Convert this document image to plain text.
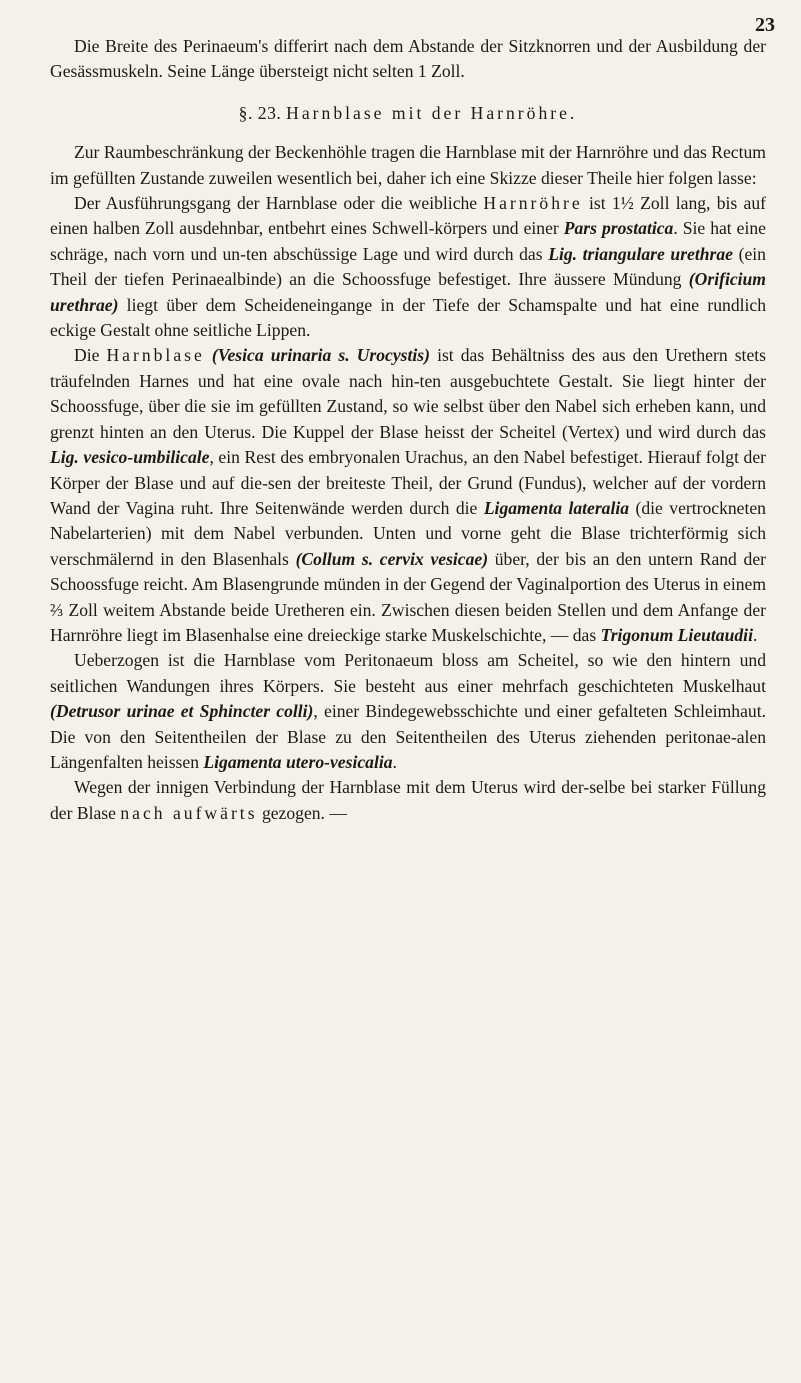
23

Die Breite des Perinaeum's differirt nach dem Abstande der Sitzknorren und der Ausbildung der Gesässmuskeln. Seine Länge übersteigt nicht selten 1 Zoll.

§. 23. Harnblase mit der Harnröhre.

Zur Raumbeschränkung der Beckenhöhle tragen die Harnblase mit der Harnröhre und das Rectum im gefüllten Zustande zuweilen wesentlich bei, daher ich eine Skizze dieser Theile hier folgen lasse:

Der Ausführungsgang der Harnblase oder die weibliche Harnröhre ist 1½ Zoll lang, bis auf einen halben Zoll ausdehnbar, entbehrt eines Schwell-körpers und einer Pars prostatica. Sie hat eine schräge, nach vorn und un-ten abschüssige Lage und wird durch das Lig. triangulare urethrae (ein Theil der tiefen Perinaealbinde) an die Schoossfuge befestiget. Ihre äussere Mündung (Orificium urethrae) liegt über dem Scheideneingange in der Tiefe der Schamspalte und hat eine rundlich eckige Gestalt ohne seitliche Lippen.

Die Harnblase (Vesica urinaria s. Urocystis) ist das Behältniss des aus den Urethern stets träufelnden Harnes und hat eine ovale nach hin-ten ausgebuchtete Gestalt. Sie liegt hinter der Schoossfuge, über die sie im gefüllten Zustand, so wie selbst über den Nabel sich erheben kann, und grenzt hinten an den Uterus. Die Kuppel der Blase heisst der Scheitel (Vertex) und wird durch das Lig. vesico-umbilicale, ein Rest des embryonalen Urachus, an den Nabel befestiget. Hierauf folgt der Körper der Blase und auf die-sen der breiteste Theil, der Grund (Fundus), welcher auf der vordern Wand der Vagina ruht. Ihre Seitenwände werden durch die Ligamenta lateralia (die vertrockneten Nabelarterien) mit dem Nabel verbunden. Unten und vorne geht die Blase trichterförmig sich verschmälernd in den Blasenhals (Collum s. cervix vesicae) über, der bis an den untern Rand der Schoossfuge reicht. Am Blasengrunde münden in der Gegend der Vaginalportion des Uterus in einem ⅔ Zoll weitem Abstande beide Uretheren ein. Zwischen diesen beiden Stellen und dem Anfange der Harnröhre liegt im Blasenhalse eine dreieckige starke Muskelschichte, — das Trigonum Lieutaudii.

Ueberzogen ist die Harnblase vom Peritonaeum bloss am Scheitel, so wie den hintern und seitlichen Wandungen ihres Körpers. Sie besteht aus einer mehrfach geschichteten Muskelhaut (Detrusor urinae et Sphincter colli), einer Bindegewebsschichte und einer gefalteten Schleimhaut. Die von den Seitentheilen der Blase zu den Seitentheilen des Uterus ziehenden peritonae-alen Längenfalten heissen Ligamenta utero-vesicalia.

Wegen der innigen Verbindung der Harnblase mit dem Uterus wird der-selbe bei starker Füllung der Blase nach aufwärts gezogen. —
